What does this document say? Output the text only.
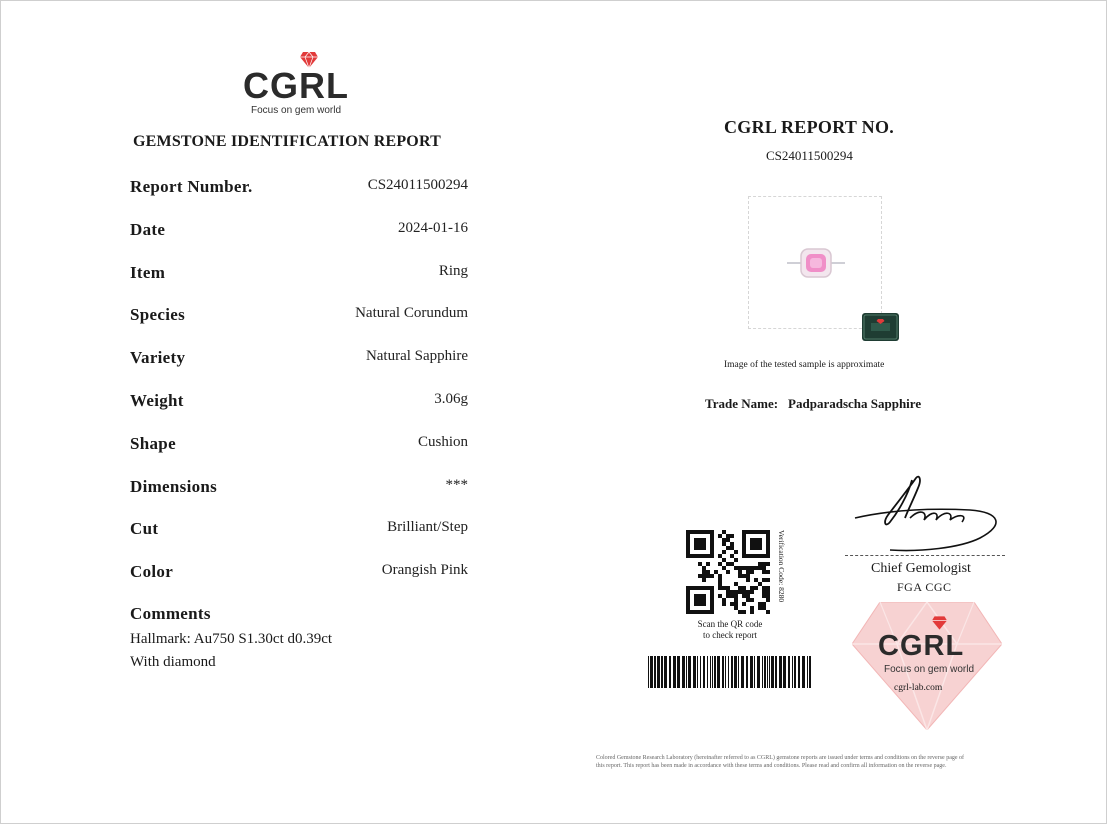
CGRL
Focus on gem world
GEMSTONE IDENTIFICATION REPORT
Report Number.	CS24011500294
Date	2024-01-16
Item	Ring
Species	Natural Corundum
Variety	Natural Sapphire
Weight	3.06g
Shape	Cushion
Dimensions	***
Cut	Brilliant/Step
Color	Orangish Pink
Comments
Hallmark: Au750 S1.30ct d0.39ct
With diamond
CGRL REPORT NO.
CS24011500294
Image of the tested sample is approximate
Trade Name: Padparadscha Sapphire
Chief Gemologist
FGA CGC
CGRL
Focus on gem world
cgrl-lab.com
Verification Code: 8280
Scan the QR code
to check report
Colored Gemstone Research Laboratory (hereinafter referred to as CGRL) gemstone reports are issued under terms and conditions on the reverse page of
this report. This report has been made in accordance with these terms and conditions. Please read and confirm all information on the reverse page.
